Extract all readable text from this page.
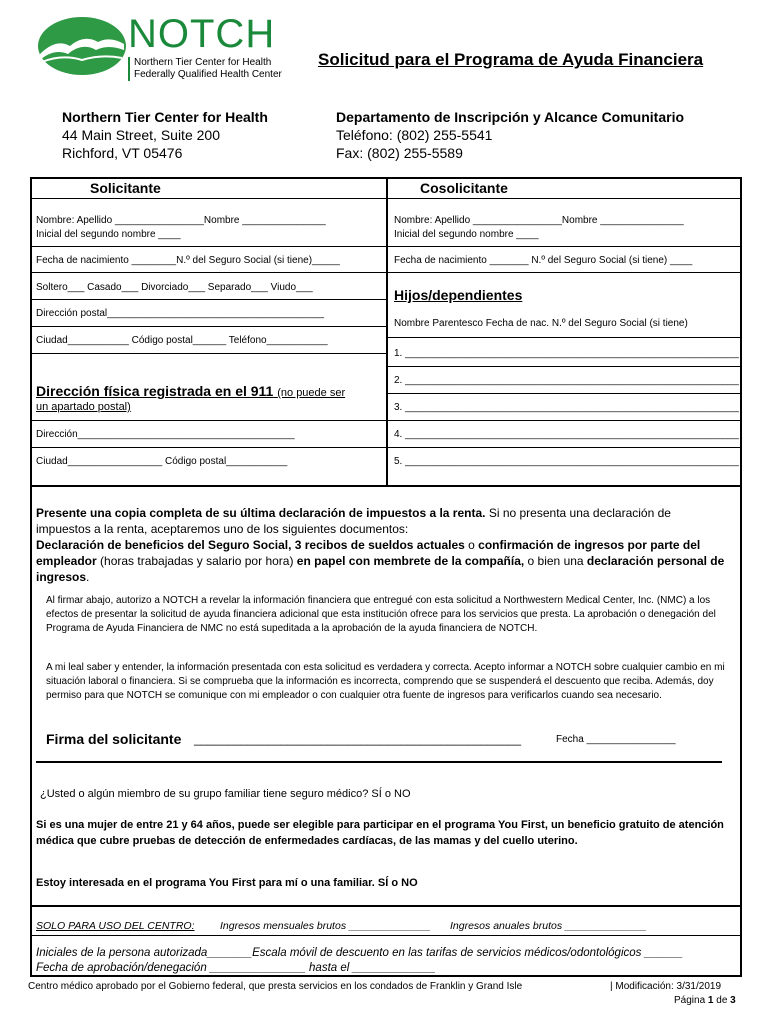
NOTCH
Northern Tier Center for Health
Federally Qualified Health Center
Solicitud para el Programa de Ayuda Financiera
Northern Tier Center for Health
44 Main Street, Suite 200
Richford, VT 05476
Departamento de Inscripción y Alcance Comunitario
Teléfono: (802) 255-5541
Fax: (802) 255-5589
Solicitante	Cosolicitante
Nombre: Apellido ________________Nombre _______________
Inicial del segundo nombre ____
Fecha de nacimiento ________N.º del Seguro Social (si tiene)_____
Soltero___ Casado___ Divorciado___ Separado___ Viudo___
Dirección postal_______________________________________
Ciudad___________ Código postal______ Teléfono___________
Dirección física registrada en el 911 (no puede ser
un apartado postal)
Dirección_______________________________________
Ciudad_________________ Código postal___________
Nombre: Apellido ________________Nombre _______________
Inicial del segundo nombre ____
Fecha de nacimiento _______ N.º del Seguro Social (si tiene) ____
Hijos/dependientes
Nombre Parentesco Fecha de nac. N.º del Seguro Social (si tiene)
1. ____________________________________________________________
2. ____________________________________________________________
3. ____________________________________________________________
4. ____________________________________________________________
5. ____________________________________________________________
Presente una copia completa de su última declaración de impuestos a la renta. Si no presenta una declaración de impuestos a la renta, aceptaremos uno de los siguientes documentos:
Declaración de beneficios del Seguro Social, 3 recibos de sueldos actuales o confirmación de ingresos por parte del empleador (horas trabajadas y salario por hora) en papel con membrete de la compañía, o bien una declaración personal de ingresos.
Al firmar abajo, autorizo a NOTCH a revelar la información financiera que entregué con esta solicitud a Northwestern Medical Center, Inc. (NMC) a los efectos de presentar la solicitud de ayuda financiera adicional que esta institución ofrece para los servicios que presta. La aprobación o denegación del Programa de Ayuda Financiera de NMC no está supeditada a la aprobación de la ayuda financiera de NOTCH.
A mi leal saber y entender, la información presentada con esta solicitud es verdadera y correcta. Acepto informar a NOTCH sobre cualquier cambio en mi situación laboral o financiera. Si se comprueba que la información es incorrecta, comprendo que se suspenderá el descuento que reciba. Además, doy permiso para que NOTCH se comunique con mi empleador o con cualquier otra fuente de ingresos para verificarlos cuando sea necesario.
Firma del solicitante _________________________________________________	Fecha ________________
¿Usted o algún miembro de su grupo familiar tiene seguro médico? SÍ o NO
Si es una mujer de entre 21 y 64 años, puede ser elegible para participar en el programa You First, un beneficio gratuito de atención médica que cubre pruebas de detección de enfermedades cardíacas, de las mamas y del cuello uterino.
Estoy interesada en el programa You First para mí o una familiar. SÍ o NO
SOLO PARA USO DEL CENTRO: Ingresos mensuales brutos ______________ Ingresos anuales brutos ______________
Iniciales de la persona autorizada_______Escala móvil de descuento en las tarifas de servicios médicos/odontológicos ______
Fecha de aprobación/denegación _______________ hasta el _____________
Centro médico aprobado por el Gobierno federal, que presta servicios en los condados de Franklin y Grand Isle	| Modificación: 3/31/2019
Página 1 de 3
